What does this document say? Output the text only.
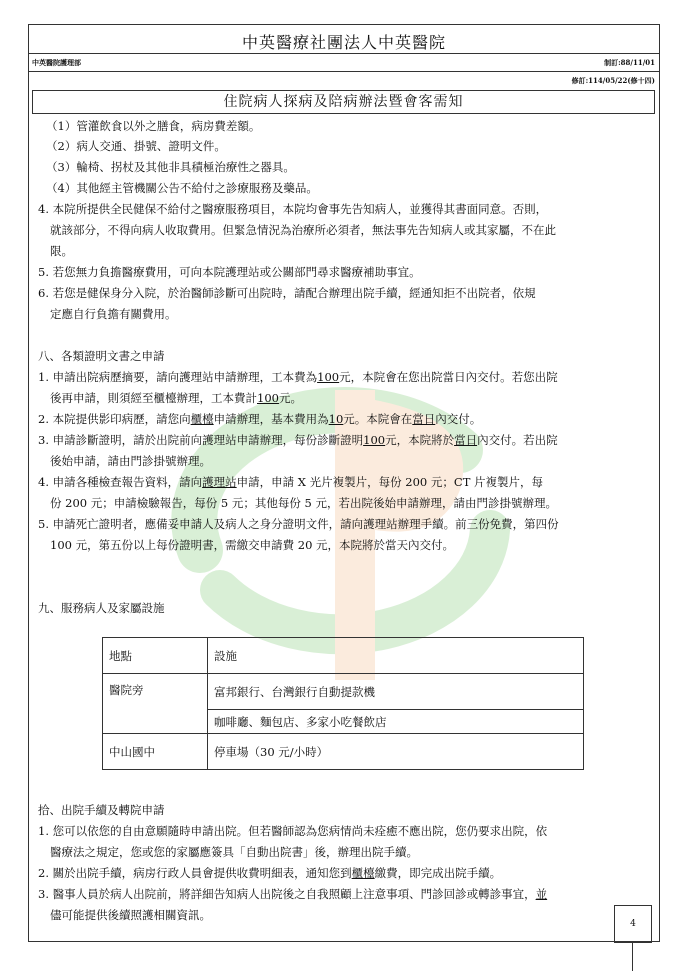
中英醫療社團法人中英醫院
中英醫院護理部	制訂:88/11/01
修訂:114/05/22(修十四)
住院病人探病及陪病辦法暨會客需知
（1）管灌飲食以外之膳食，病房費差額。
（2）病人交通、掛號、證明文件。
（3）輪椅、拐杖及其他非具積極治療性之器具。
（4）其他經主管機關公告不給付之診療服務及藥品。
4. 本院所提供全民健保不給付之醫療服務項目，本院均會事先告知病人，並獲得其書面同意。否則，
就該部分，不得向病人收取費用。但緊急情況為治療所必須者，無法事先告知病人或其家屬，不在此
限。
5. 若您無力負擔醫療費用，可向本院護理站或公關部門尋求醫療補助事宜。
6. 若您是健保身分入院，於治醫師診斷可出院時，請配合辦理出院手續，經通知拒不出院者，依規
定應自行負擔有關費用。
八、各類證明文書之申請
1. 申請出院病歷摘要，請向護理站申請辦理，工本費為100元，本院會在您出院當日內交付。若您出院
後再申請，則須經至櫃檯辦理，工本費計100元。
2. 本院提供影印病歷，請您向櫃檯申請辦理，基本費用為10元。本院會在當日內交付。
3. 申請診斷證明，請於出院前向護理站申請辦理，每份診斷證明100元，本院將於當日內交付。若出院
後始申請，請由門診掛號辦理。
4. 申請各種檢查報告資料，請向護理站申請，申請 X 光片複製片，每份 200 元；CT 片複製片，每
份 200 元；申請檢驗報告，每份 5 元；其他每份 5 元，若出院後始申請辦理，請由門診掛號辦理。
5. 申請死亡證明者，應備妥申請人及病人之身分證明文件，請向護理站辦理手續。前三份免費，第四份
100 元，第五份以上每份證明書，需繳交申請費 20 元，本院將於當天內交付。
九、服務病人及家屬設施
拾、出院手續及轉院申請
1. 您可以依您的自由意願隨時申請出院。但若醫師認為您病情尚未痊癒不應出院，您仍要求出院，依
醫療法之規定，您或您的家屬應簽具「自動出院書」後，辦理出院手續。
2. 關於出院手續，病房行政人員會提供收費明細表，通知您到櫃檯繳費，即完成出院手續。
3. 醫事人員於病人出院前，將詳細告知病人出院後之自我照顧上注意事項、門診回診或轉診事宜，並
儘可能提供後續照護相關資訊。
地點	設施
醫院旁	富邦銀行、台灣銀行自動提款機
	咖啡廳、麵包店、多家小吃餐飲店
中山國中	停車場（30 元/小時）
4
